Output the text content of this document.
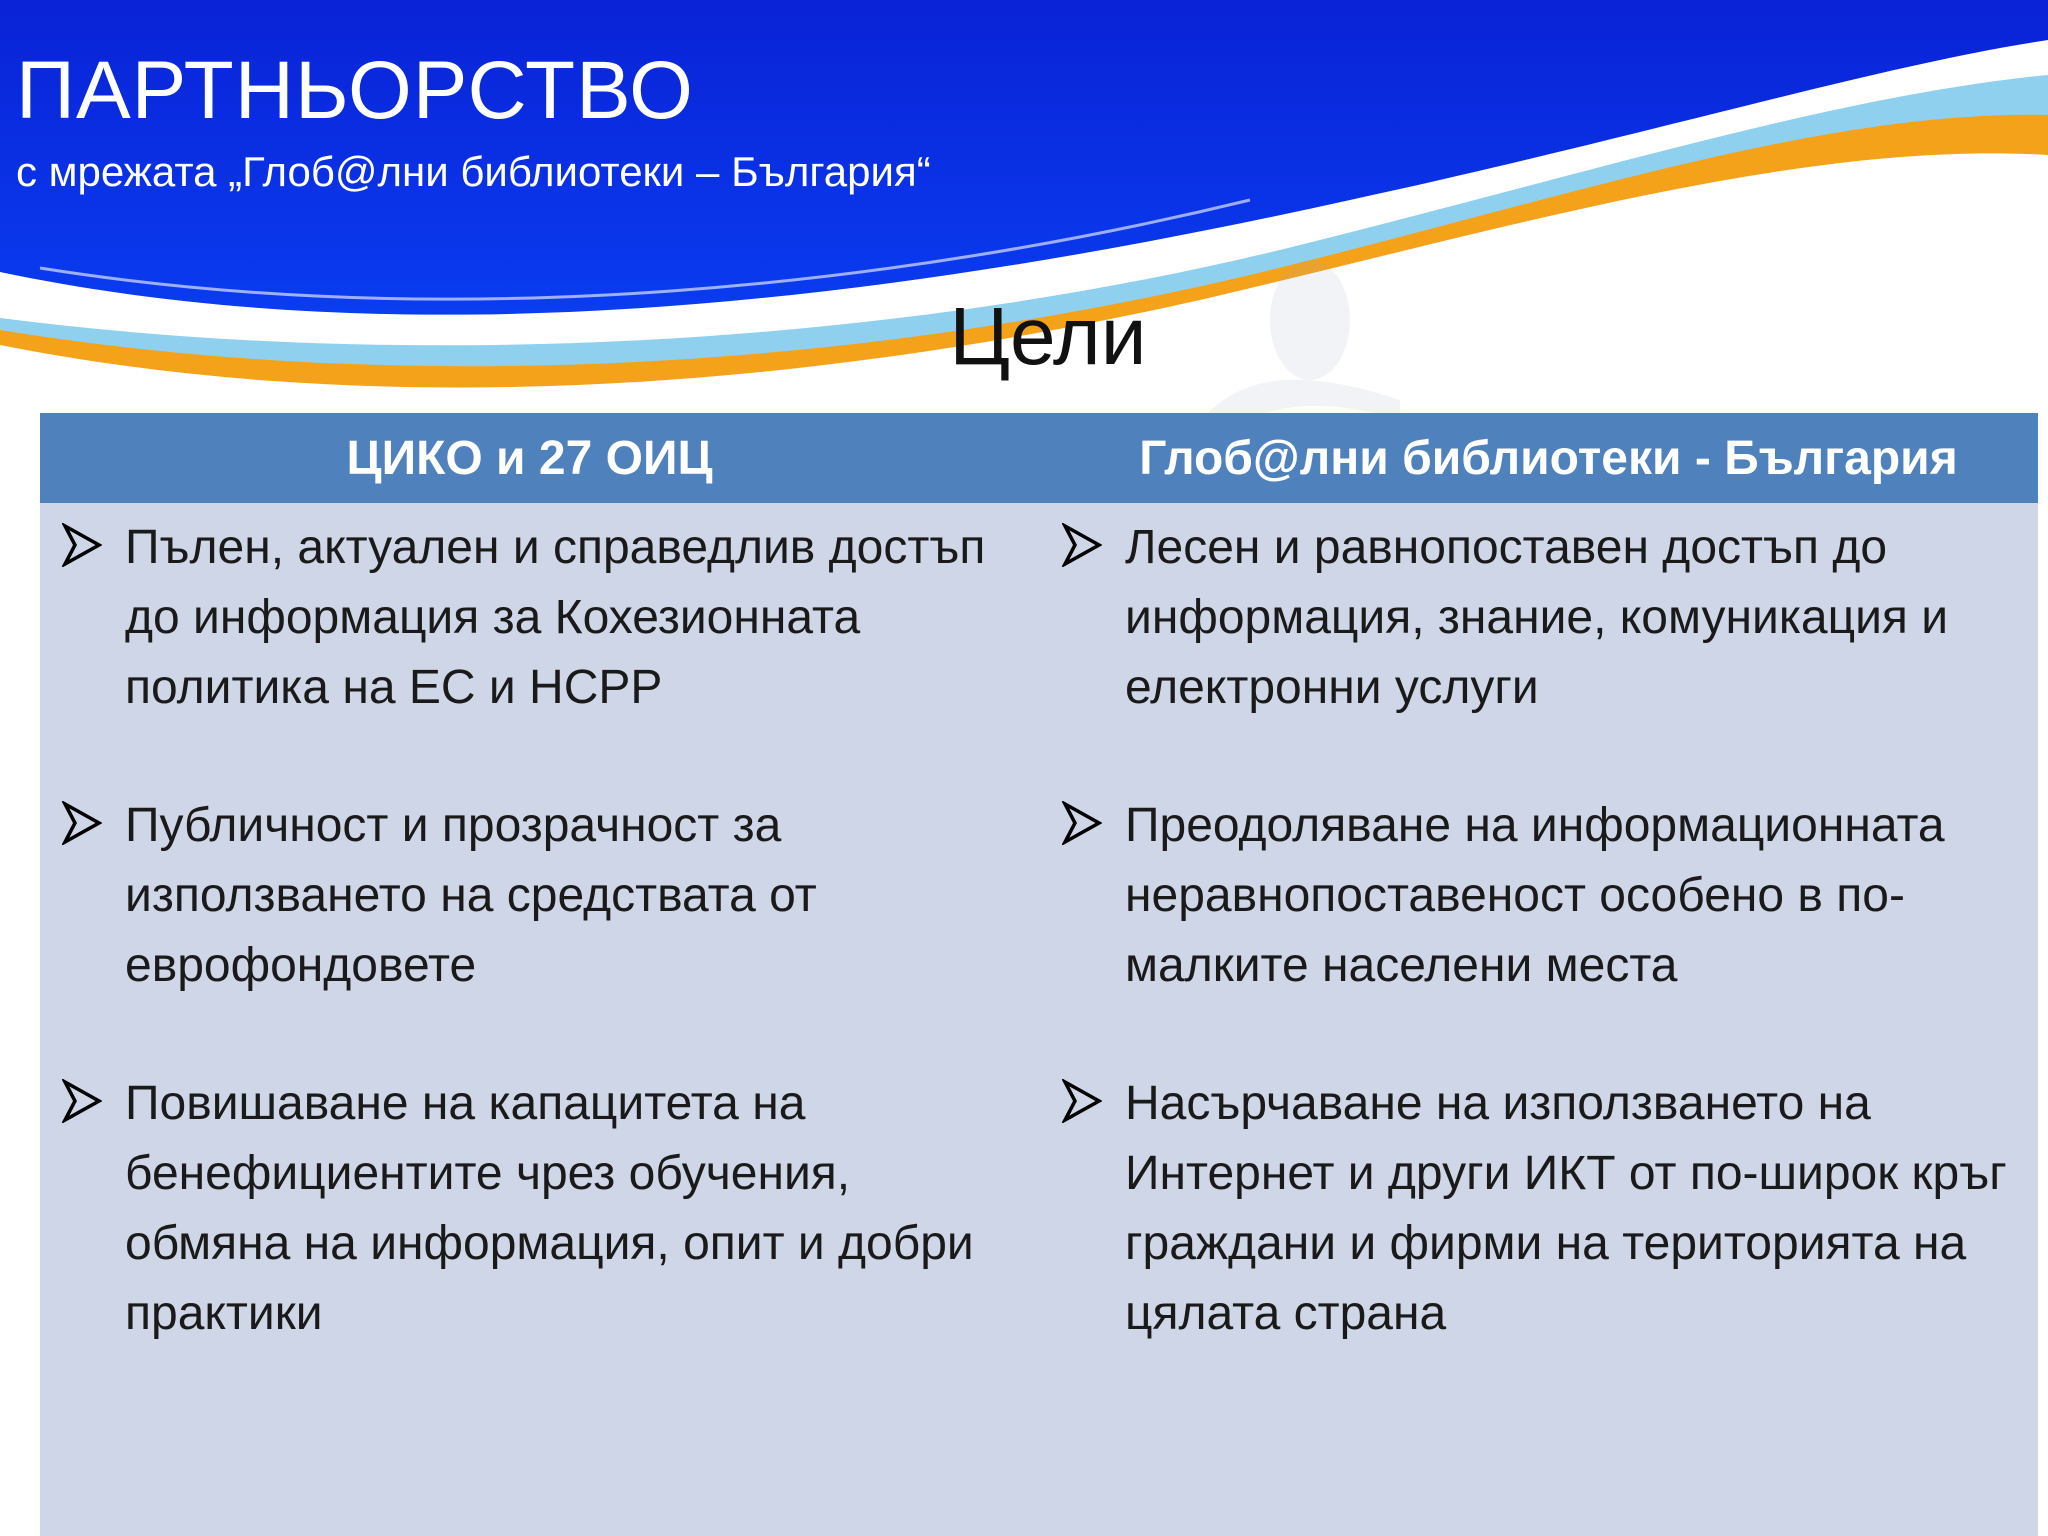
ПАРТНЬОРСТВО
с мрежата „Глоб@лни библиотеки – България“
Цели
ЦИКО и 27 ОИЦ	Глоб@лни библиотеки - България
Пълен, актуален и справедлив достъп до информация за Кохезионната политика на ЕС и НСРР
Публичност и прозрачност за използването на средствата от еврофондовете
Повишаване на капацитета на бенефициентите чрез обучения, обмяна на информация, опит и добри практики
Лесен и равнопоставен достъп до информация, знание, комуникация и електронни услуги
Преодоляване на информационната неравнопоставеност особено в по-малките населени места
Насърчаване на използването на Интернет и други ИКТ от по-широк кръг граждани и фирми на територията на цялата страна
